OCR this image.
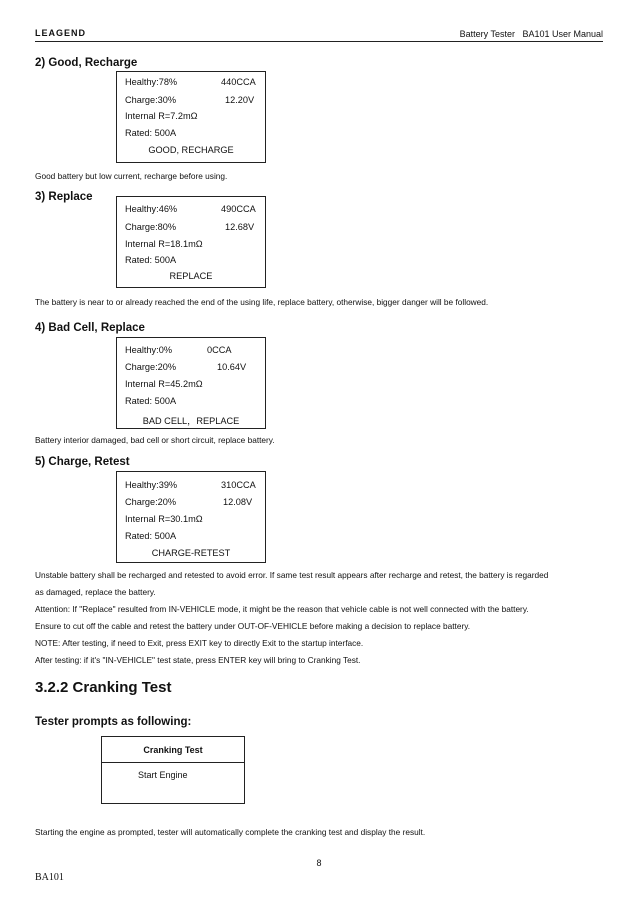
LEAGEND	Battery Tester   BA101 User Manual
2) Good, Recharge
Healthy:78%	440CCA
Charge:30%	12.20V
Internal R=7.2mΩ
Rated: 500A
GOOD, RECHARGE
Good battery but low current, recharge before using.
3) Replace
Healthy:46%	490CCA
Charge:80%	12.68V
Internal R=18.1mΩ
Rated: 500A
REPLACE
The battery is near to or already reached the end of the using life, replace battery, otherwise, bigger danger will be followed.
4) Bad Cell, Replace
Healthy:0%	0CCA
Charge:20%	10.64V
Internal R=45.2mΩ
Rated: 500A
BAD CELL，REPLACE
Battery interior damaged, bad cell or short circuit, replace battery.
5) Charge, Retest
Healthy:39%	310CCA
Charge:20%	12.08V
Internal R=30.1mΩ
Rated: 500A
CHARGE-RETEST
Unstable battery shall be recharged and retested to avoid error. If same test result appears after recharge and retest, the battery is regarded
as damaged, replace the battery.
Attention: If "Replace" resulted from IN-VEHICLE mode, it might be the reason that vehicle cable is not well connected with the battery.
Ensure to cut off the cable and retest the battery under OUT-OF-VEHICLE before making a decision to replace battery.
NOTE: After testing, if need to Exit, press EXIT key to directly Exit to the startup interface.
After testing: if it's "IN-VEHICLE" test state, press ENTER key will bring to Cranking Test.
3.2.2 Cranking Test
Tester prompts as following:
Cranking Test
Start Engine
Starting the engine as prompted, tester will automatically complete the cranking test and display the result.
8
BA101
